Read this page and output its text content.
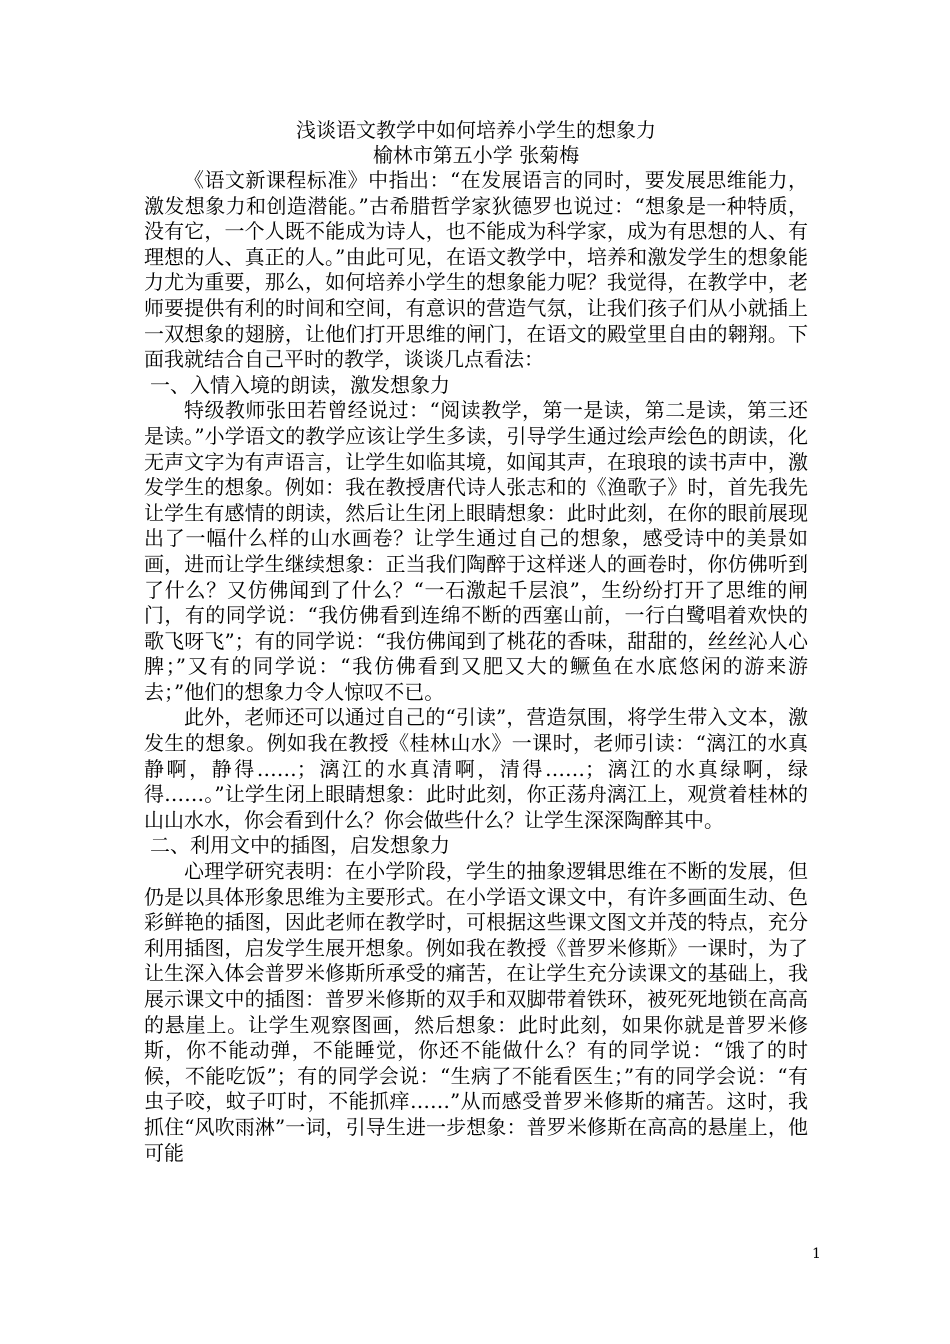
浅谈语文教学中如何培养小学生的想象力
榆林市第五小学 张菊梅

《语文新课程标准》中指出：“在发展语言的同时，要发展思维能力，激发想象力和创造潜能。”古希腊哲学家狄德罗也说过：“想象是一种特质，没有它，一个人既不能成为诗人，也不能成为科学家，成为有思想的人、有理想的人、真正的人。”由此可见，在语文教学中，培养和激发学生的想象能力尤为重要，那么，如何培养小学生的想象能力呢？我觉得，在教学中，老师要提供有利的时间和空间，有意识的营造气氛，让我们孩子们从小就插上一双想象的翅膀，让他们打开思维的闸门，在语文的殿堂里自由的翱翔。下面我就结合自己平时的教学，谈谈几点看法：

一、入情入境的朗读，激发想象力

特级教师张田若曾经说过：“阅读教学，第一是读，第二是读，第三还是读。”小学语文的教学应该让学生多读，引导学生通过绘声绘色的朗读，化无声文字为有声语言，让学生如临其境，如闻其声，在琅琅的读书声中，激发学生的想象。例如：我在教授唐代诗人张志和的《渔歌子》时，首先我先让学生有感情的朗读，然后让生闭上眼睛想象：此时此刻，在你的眼前展现出了一幅什么样的山水画卷？让学生通过自己的想象，感受诗中的美景如画，进而让学生继续想象：正当我们陶醉于这样迷人的画卷时，你仿佛听到了什么？又仿佛闻到了什么？“一石激起千层浪”，生纷纷打开了思维的闸门，有的同学说：“我仿佛看到连绵不断的西塞山前，一行白鹭唱着欢快的歌飞呀飞”；有的同学说：“我仿佛闻到了桃花的香味，甜甜的，丝丝沁人心脾；”又有的同学说：“我仿佛看到又肥又大的鳜鱼在水底悠闲的游来游去；”他们的想象力令人惊叹不已。

此外，老师还可以通过自己的“引读”，营造氛围，将学生带入文本，激发生的想象。例如我在教授《桂林山水》一课时，老师引读：“漓江的水真静啊，静得……；漓江的水真清啊，清得……；漓江的水真绿啊，绿得……。”让学生闭上眼睛想象：此时此刻，你正荡舟漓江上，观赏着桂林的山山水水，你会看到什么？你会做些什么？让学生深深陶醉其中。

二、利用文中的插图，启发想象力

心理学研究表明：在小学阶段，学生的抽象逻辑思维在不断的发展，但仍是以具体形象思维为主要形式。在小学语文课文中，有许多画面生动、色彩鲜艳的插图，因此老师在教学时，可根据这些课文图文并茂的特点，充分利用插图，启发学生展开想象。例如我在教授《普罗米修斯》一课时，为了让生深入体会普罗米修斯所承受的痛苦，在让学生充分读课文的基础上，我展示课文中的插图：普罗米修斯的双手和双脚带着铁环，被死死地锁在高高的悬崖上。让学生观察图画，然后想象：此时此刻，如果你就是普罗米修斯，你不能动弹，不能睡觉，你还不能做什么？有的同学说：“饿了的时候，不能吃饭”；有的同学会说：“生病了不能看医生；”有的同学会说：“有虫子咬，蚊子叮时，不能抓痒……”从而感受普罗米修斯的痛苦。这时，我抓住“风吹雨淋”一词，引导生进一步想象：普罗米修斯在高高的悬崖上，他可能

1
